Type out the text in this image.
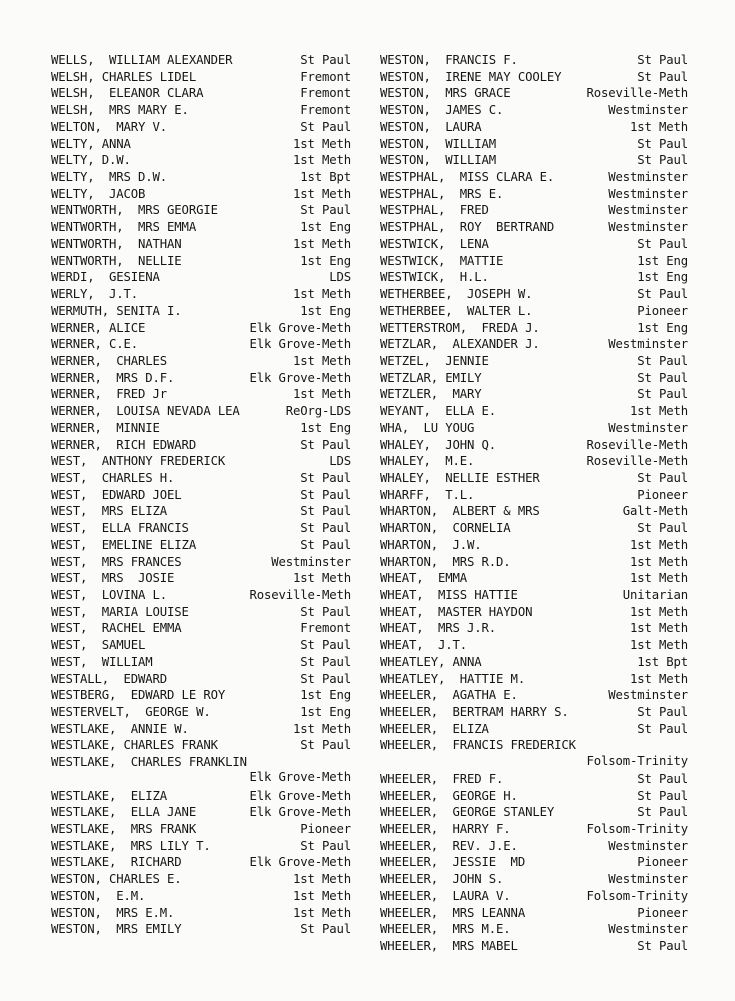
WELLS,  WILLIAM ALEXANDER	St Paul
WELSH, CHARLES LIDEL	Fremont
WELSH,  ELEANOR CLARA	Fremont
WELSH,  MRS MARY E.	Fremont
WELTON,  MARY V.	St Paul
WELTY, ANNA	1st Meth
WELTY, D.W.	1st Meth
WELTY,  MRS D.W.	1st Bpt
WELTY,  JACOB	1st Meth
WENTWORTH,  MRS GEORGIE	St Paul
WENTWORTH,  MRS EMMA	1st Eng
WENTWORTH,  NATHAN	1st Meth
WENTWORTH,  NELLIE	1st Eng
WERDI,  GESIENA	LDS
WERLY,  J.T.	1st Meth
WERMUTH, SENITA I.	1st Eng
WERNER, ALICE	Elk Grove-Meth
WERNER, C.E.	Elk Grove-Meth
WERNER,  CHARLES	1st Meth
WERNER,  MRS D.F.	Elk Grove-Meth
WERNER,  FRED Jr	1st Meth
WERNER,  LOUISA NEVADA LEA	ReOrg-LDS
WERNER,  MINNIE	1st Eng
WERNER,  RICH EDWARD	St Paul
WEST,  ANTHONY FREDERICK	LDS
WEST,  CHARLES H.	St Paul
WEST,  EDWARD JOEL	St Paul
WEST,  MRS ELIZA	St Paul
WEST,  ELLA FRANCIS	St Paul
WEST,  EMELINE ELIZA	St Paul
WEST,  MRS FRANCES	Westminster
WEST,  MRS  JOSIE	1st Meth
WEST,  LOVINA L.	Roseville-Meth
WEST,  MARIA LOUISE	St Paul
WEST,  RACHEL EMMA	Fremont
WEST,  SAMUEL	St Paul
WEST,  WILLIAM	St Paul
WESTALL,  EDWARD	St Paul
WESTBERG,  EDWARD LE ROY	1st Eng
WESTERVELT,  GEORGE W.	1st Eng
WESTLAKE,  ANNIE W.	1st Meth
WESTLAKE, CHARLES FRANK	St Paul
WESTLAKE,  CHARLES FRANKLIN
Elk Grove-Meth
WESTLAKE,  ELIZA	Elk Grove-Meth
WESTLAKE,  ELLA JANE	Elk Grove-Meth
WESTLAKE,  MRS FRANK	Pioneer
WESTLAKE,  MRS LILY T.	St Paul
WESTLAKE,  RICHARD	Elk Grove-Meth
WESTON, CHARLES E.	1st Meth
WESTON,  E.M.	1st Meth
WESTON,  MRS E.M.	1st Meth
WESTON,  MRS EMILY	St Paul
WESTON,  FRANCIS F.	St Paul
WESTON,  IRENE MAY COOLEY	St Paul
WESTON,  MRS GRACE	Roseville-Meth
WESTON,  JAMES C.	Westminster
WESTON,  LAURA	1st Meth
WESTON,  WILLIAM	St Paul
WESTON,  WILLIAM	St Paul
WESTPHAL,  MISS CLARA E.	Westminster
WESTPHAL,  MRS E.	Westminster
WESTPHAL,  FRED	Westminster
WESTPHAL,  ROY  BERTRAND	Westminster
WESTWICK,  LENA	St Paul
WESTWICK,  MATTIE	1st Eng
WESTWICK,  H.L.	1st Eng
WETHERBEE,  JOSEPH W.	St Paul
WETHERBEE,  WALTER L.	Pioneer
WETTERSTROM,  FREDA J.	1st Eng
WETZLAR,  ALEXANDER J.	Westminster
WETZEL,  JENNIE	St Paul
WETZLAR, EMILY	St Paul
WETZLER,  MARY	St Paul
WEYANT,  ELLA E.	1st Meth
WHA,  LU YOUG	Westminster
WHALEY,  JOHN Q.	Roseville-Meth
WHALEY,  M.E.	Roseville-Meth
WHALEY,  NELLIE ESTHER	St Paul
WHARFF,  T.L.	Pioneer
WHARTON,  ALBERT & MRS	Galt-Meth
WHARTON,  CORNELIA	St Paul
WHARTON,  J.W.	1st Meth
WHARTON,  MRS R.D.	1st Meth
WHEAT,  EMMA	1st Meth
WHEAT,  MISS HATTIE	Unitarian
WHEAT,  MASTER HAYDON	1st Meth
WHEAT,  MRS J.R.	1st Meth
WHEAT,  J.T.	1st Meth
WHEATLEY, ANNA	1st Bpt
WHEATLEY,  HATTIE M.	1st Meth
WHEELER,  AGATHA E.	Westminster
WHEELER,  BERTRAM HARRY S.	St Paul
WHEELER,  ELIZA	St Paul
WHEELER,  FRANCIS FREDERICK
Folsom-Trinity
WHEELER,  FRED F.	St Paul
WHEELER,  GEORGE H.	St Paul
WHEELER,  GEORGE STANLEY	St Paul
WHEELER,  HARRY F.	Folsom-Trinity
WHEELER,  REV. J.E.	Westminster
WHEELER,  JESSIE  MD	Pioneer
WHEELER,  JOHN S.	Westminster
WHEELER,  LAURA V.	Folsom-Trinity
WHEELER,  MRS LEANNA	Pioneer
WHEELER,  MRS M.E.	Westminster
WHEELER,  MRS MABEL	St Paul
